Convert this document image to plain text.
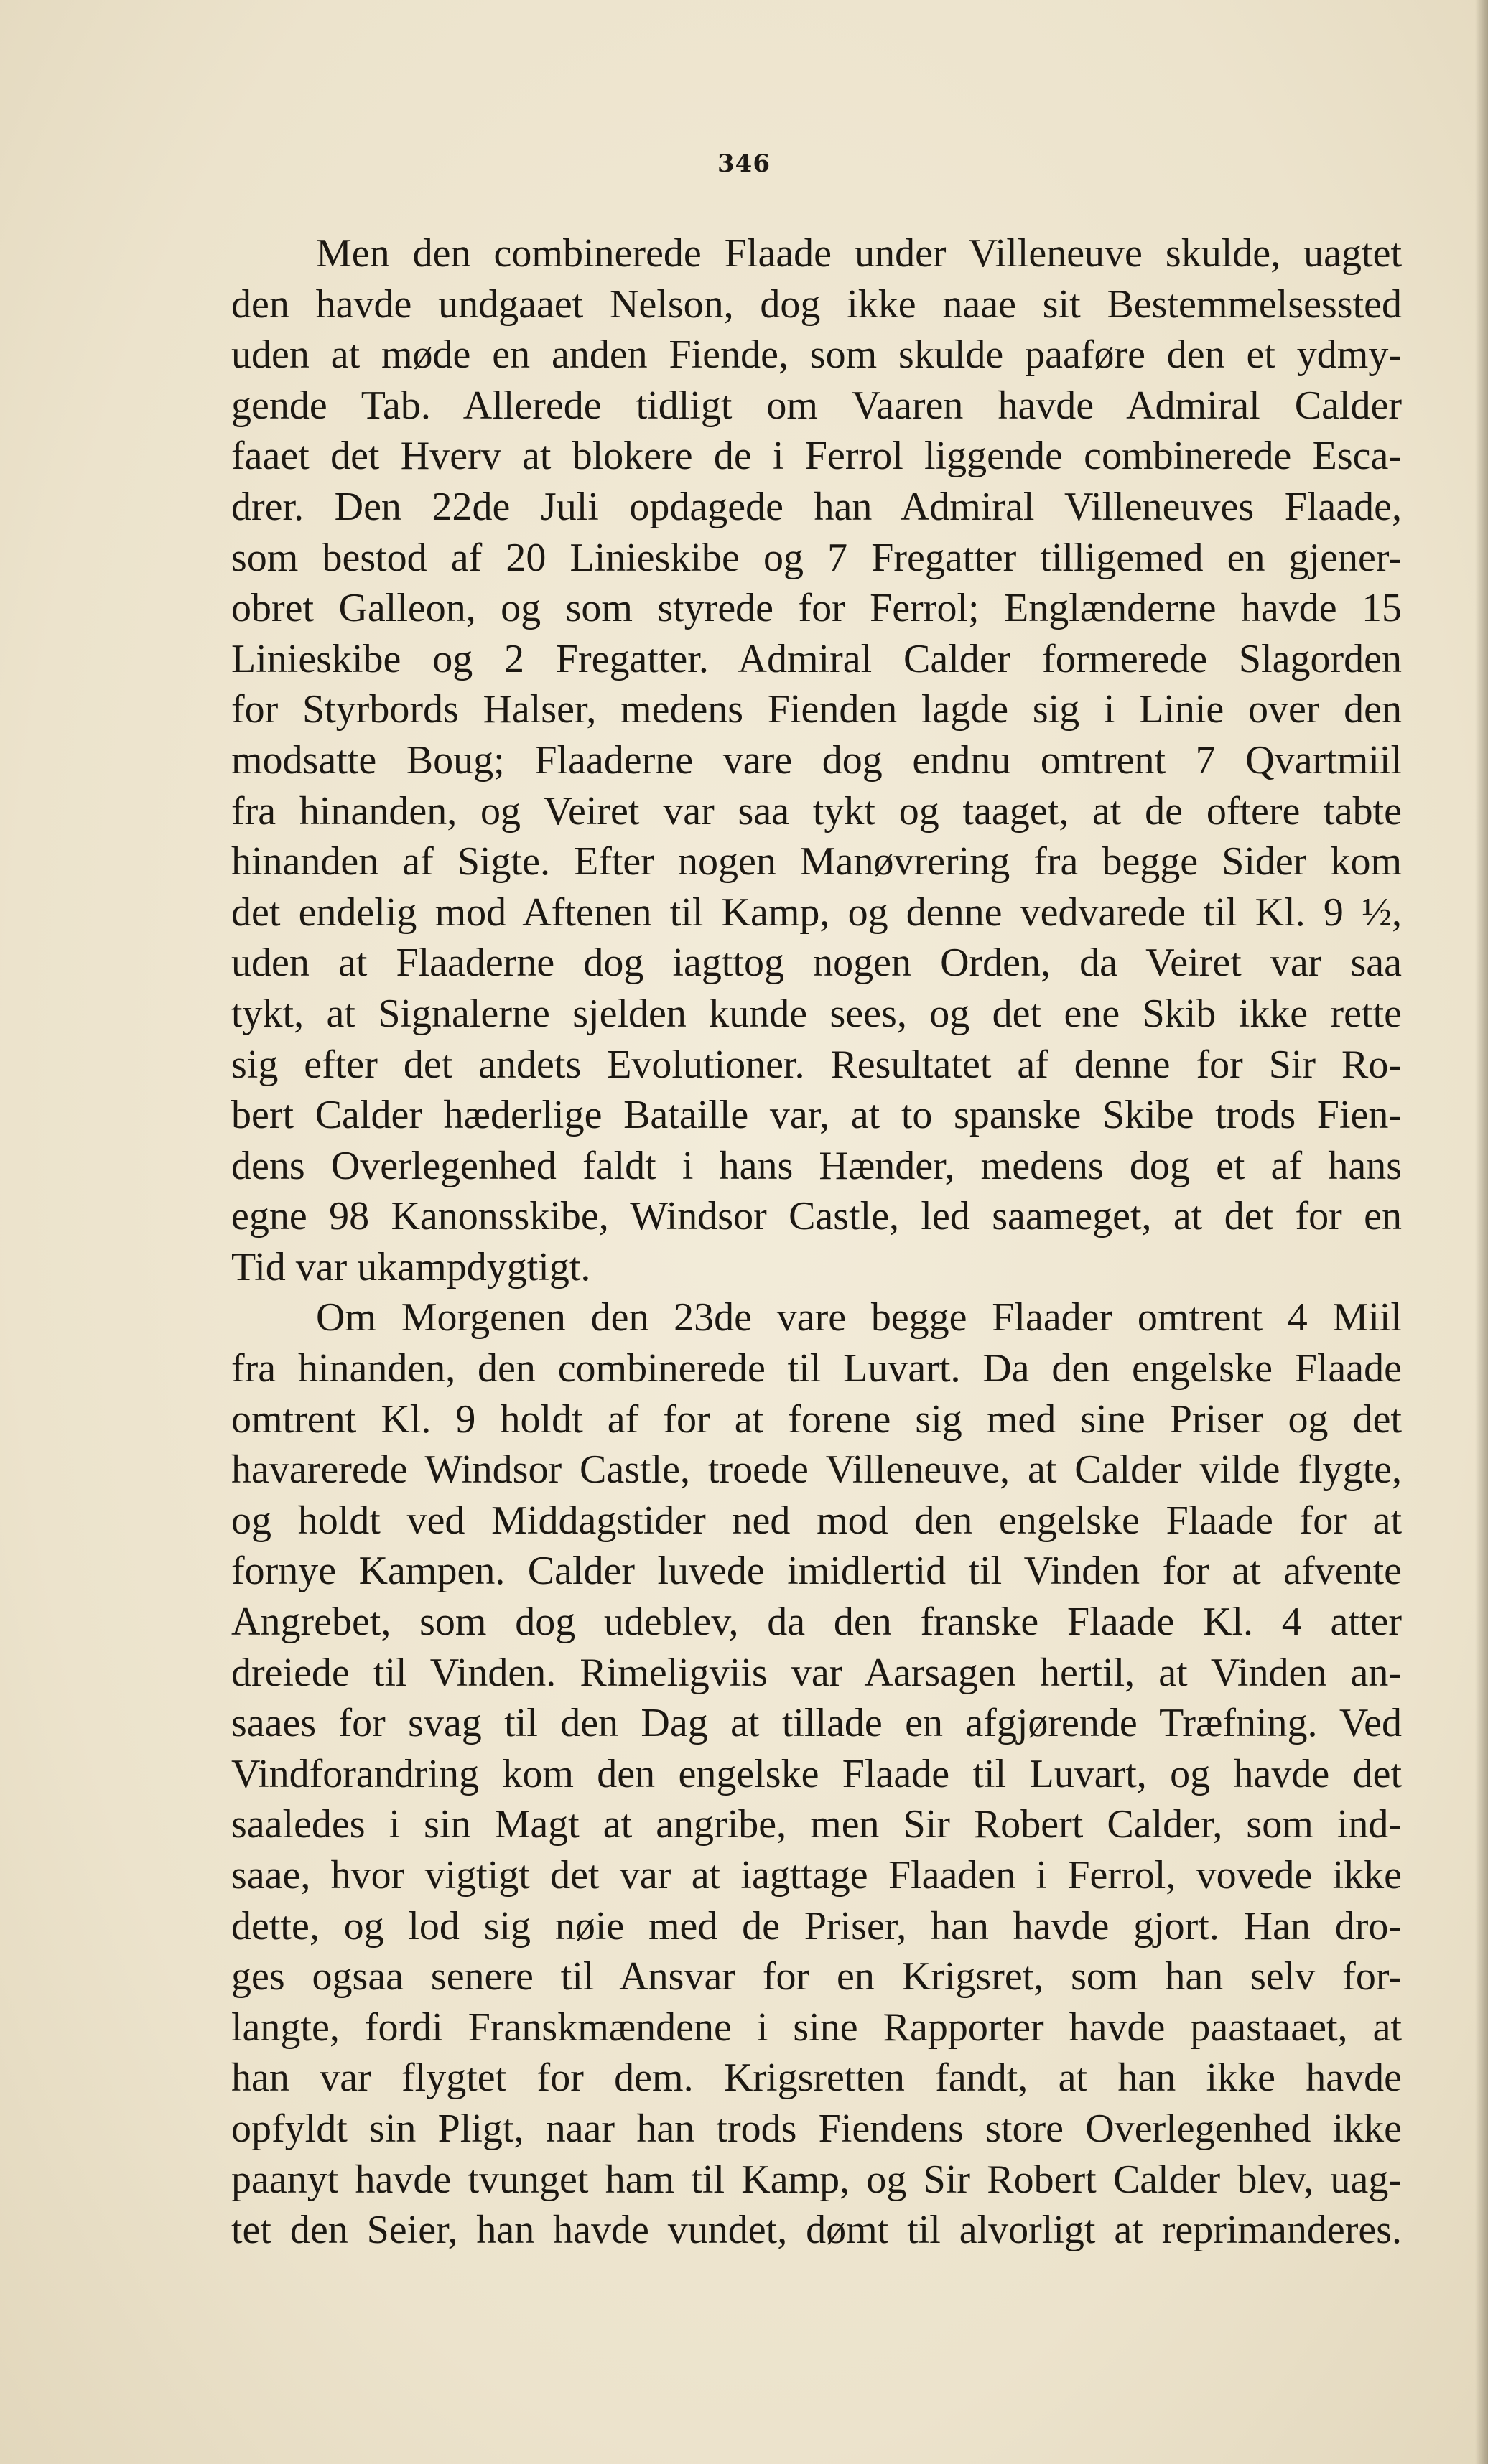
346
Men den combinerede Flaade under Villeneuve skulde, uagtet
den havde undgaaet Nelson, dog ikke naae sit Bestemmelsessted
uden at møde en anden Fiende, som skulde paaføre den et ydmy-
gende Tab. Allerede tidligt om Vaaren havde Admiral Calder
faaet det Hverv at blokere de i Ferrol liggende combinerede Esca-
drer. Den 22de Juli opdagede han Admiral Villeneuves Flaade,
som bestod af 20 Linieskibe og 7 Fregatter tilligemed en gjener-
obret Galleon, og som styrede for Ferrol; Englænderne havde 15
Linieskibe og 2 Fregatter. Admiral Calder formerede Slagorden
for Styrbords Halser, medens Fienden lagde sig i Linie over den
modsatte Boug; Flaaderne vare dog endnu omtrent 7 Qvartmiil
fra hinanden, og Veiret var saa tykt og taaget, at de oftere tabte
hinanden af Sigte. Efter nogen Manøvrering fra begge Sider kom
det endelig mod Aftenen til Kamp, og denne vedvarede til Kl. 9 ½,
uden at Flaaderne dog iagttog nogen Orden, da Veiret var saa
tykt, at Signalerne sjelden kunde sees, og det ene Skib ikke rette
sig efter det andets Evolutioner. Resultatet af denne for Sir Ro-
bert Calder hæderlige Bataille var, at to spanske Skibe trods Fien-
dens Overlegenhed faldt i hans Hænder, medens dog et af hans
egne 98 Kanonsskibe, Windsor Castle, led saameget, at det for en
Tid var ukampdygtigt.
Om Morgenen den 23de vare begge Flaader omtrent 4 Miil
fra hinanden, den combinerede til Luvart. Da den engelske Flaade
omtrent Kl. 9 holdt af for at forene sig med sine Priser og det
havarerede Windsor Castle, troede Villeneuve, at Calder vilde flygte,
og holdt ved Middagstider ned mod den engelske Flaade for at
fornye Kampen. Calder luvede imidlertid til Vinden for at afvente
Angrebet, som dog udeblev, da den franske Flaade Kl. 4 atter
dreiede til Vinden. Rimeligviis var Aarsagen hertil, at Vinden an-
saaes for svag til den Dag at tillade en afgjørende Træfning. Ved
Vindforandring kom den engelske Flaade til Luvart, og havde det
saaledes i sin Magt at angribe, men Sir Robert Calder, som ind-
saae, hvor vigtigt det var at iagttage Flaaden i Ferrol, vovede ikke
dette, og lod sig nøie med de Priser, han havde gjort. Han dro-
ges ogsaa senere til Ansvar for en Krigsret, som han selv for-
langte, fordi Franskmændene i sine Rapporter havde paastaaet, at
han var flygtet for dem. Krigsretten fandt, at han ikke havde
opfyldt sin Pligt, naar han trods Fiendens store Overlegenhed ikke
paanyt havde tvunget ham til Kamp, og Sir Robert Calder blev, uag-
tet den Seier, han havde vundet, dømt til alvorligt at reprimanderes.
